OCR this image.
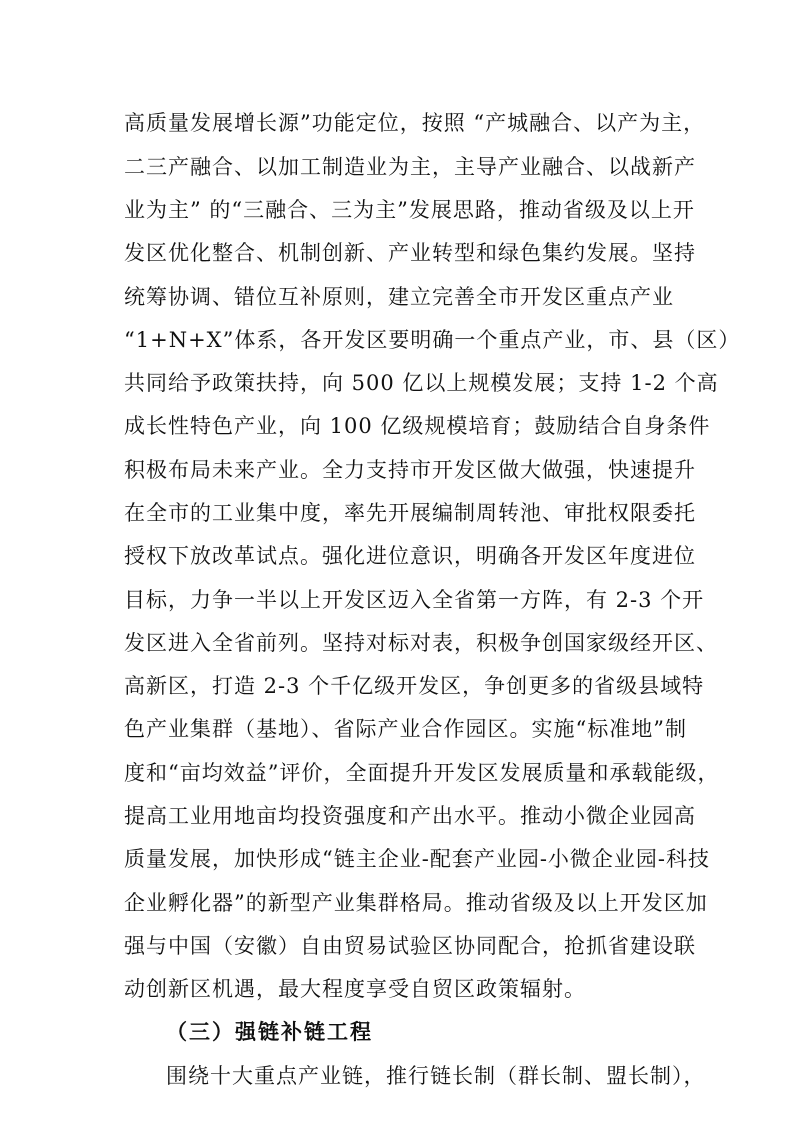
高质量发展增长源”功能定位，按照 “产城融合、以产为主，
二三产融合、以加工制造业为主，主导产业融合、以战新产
业为主” 的“三融合、三为主”发展思路，推动省级及以上开
发区优化整合、机制创新、产业转型和绿色集约发展。坚持
统筹协调、错位互补原则，建立完善全市开发区重点产业
“1+N+X”体系，各开发区要明确一个重点产业，市、县（区）
共同给予政策扶持，向 500 亿以上规模发展；支持 1-2 个高
成长性特色产业，向 100 亿级规模培育；鼓励结合自身条件
积极布局未来产业。全力支持市开发区做大做强，快速提升
在全市的工业集中度，率先开展编制周转池、审批权限委托
授权下放改革试点。强化进位意识，明确各开发区年度进位
目标，力争一半以上开发区迈入全省第一方阵，有 2-3 个开
发区进入全省前列。坚持对标对表，积极争创国家级经开区、
高新区，打造 2-3 个千亿级开发区，争创更多的省级县域特
色产业集群（基地）、省际产业合作园区。实施“标准地”制
度和“亩均效益”评价，全面提升开发区发展质量和承载能级，
提高工业用地亩均投资强度和产出水平。推动小微企业园高
质量发展，加快形成“链主企业-配套产业园-小微企业园-科技
企业孵化器”的新型产业集群格局。推动省级及以上开发区加
强与中国（安徽）自由贸易试验区协同配合，抢抓省建设联
动创新区机遇，最大程度享受自贸区政策辐射。
（三）强链补链工程
围绕十大重点产业链，推行链长制（群长制、盟长制），
